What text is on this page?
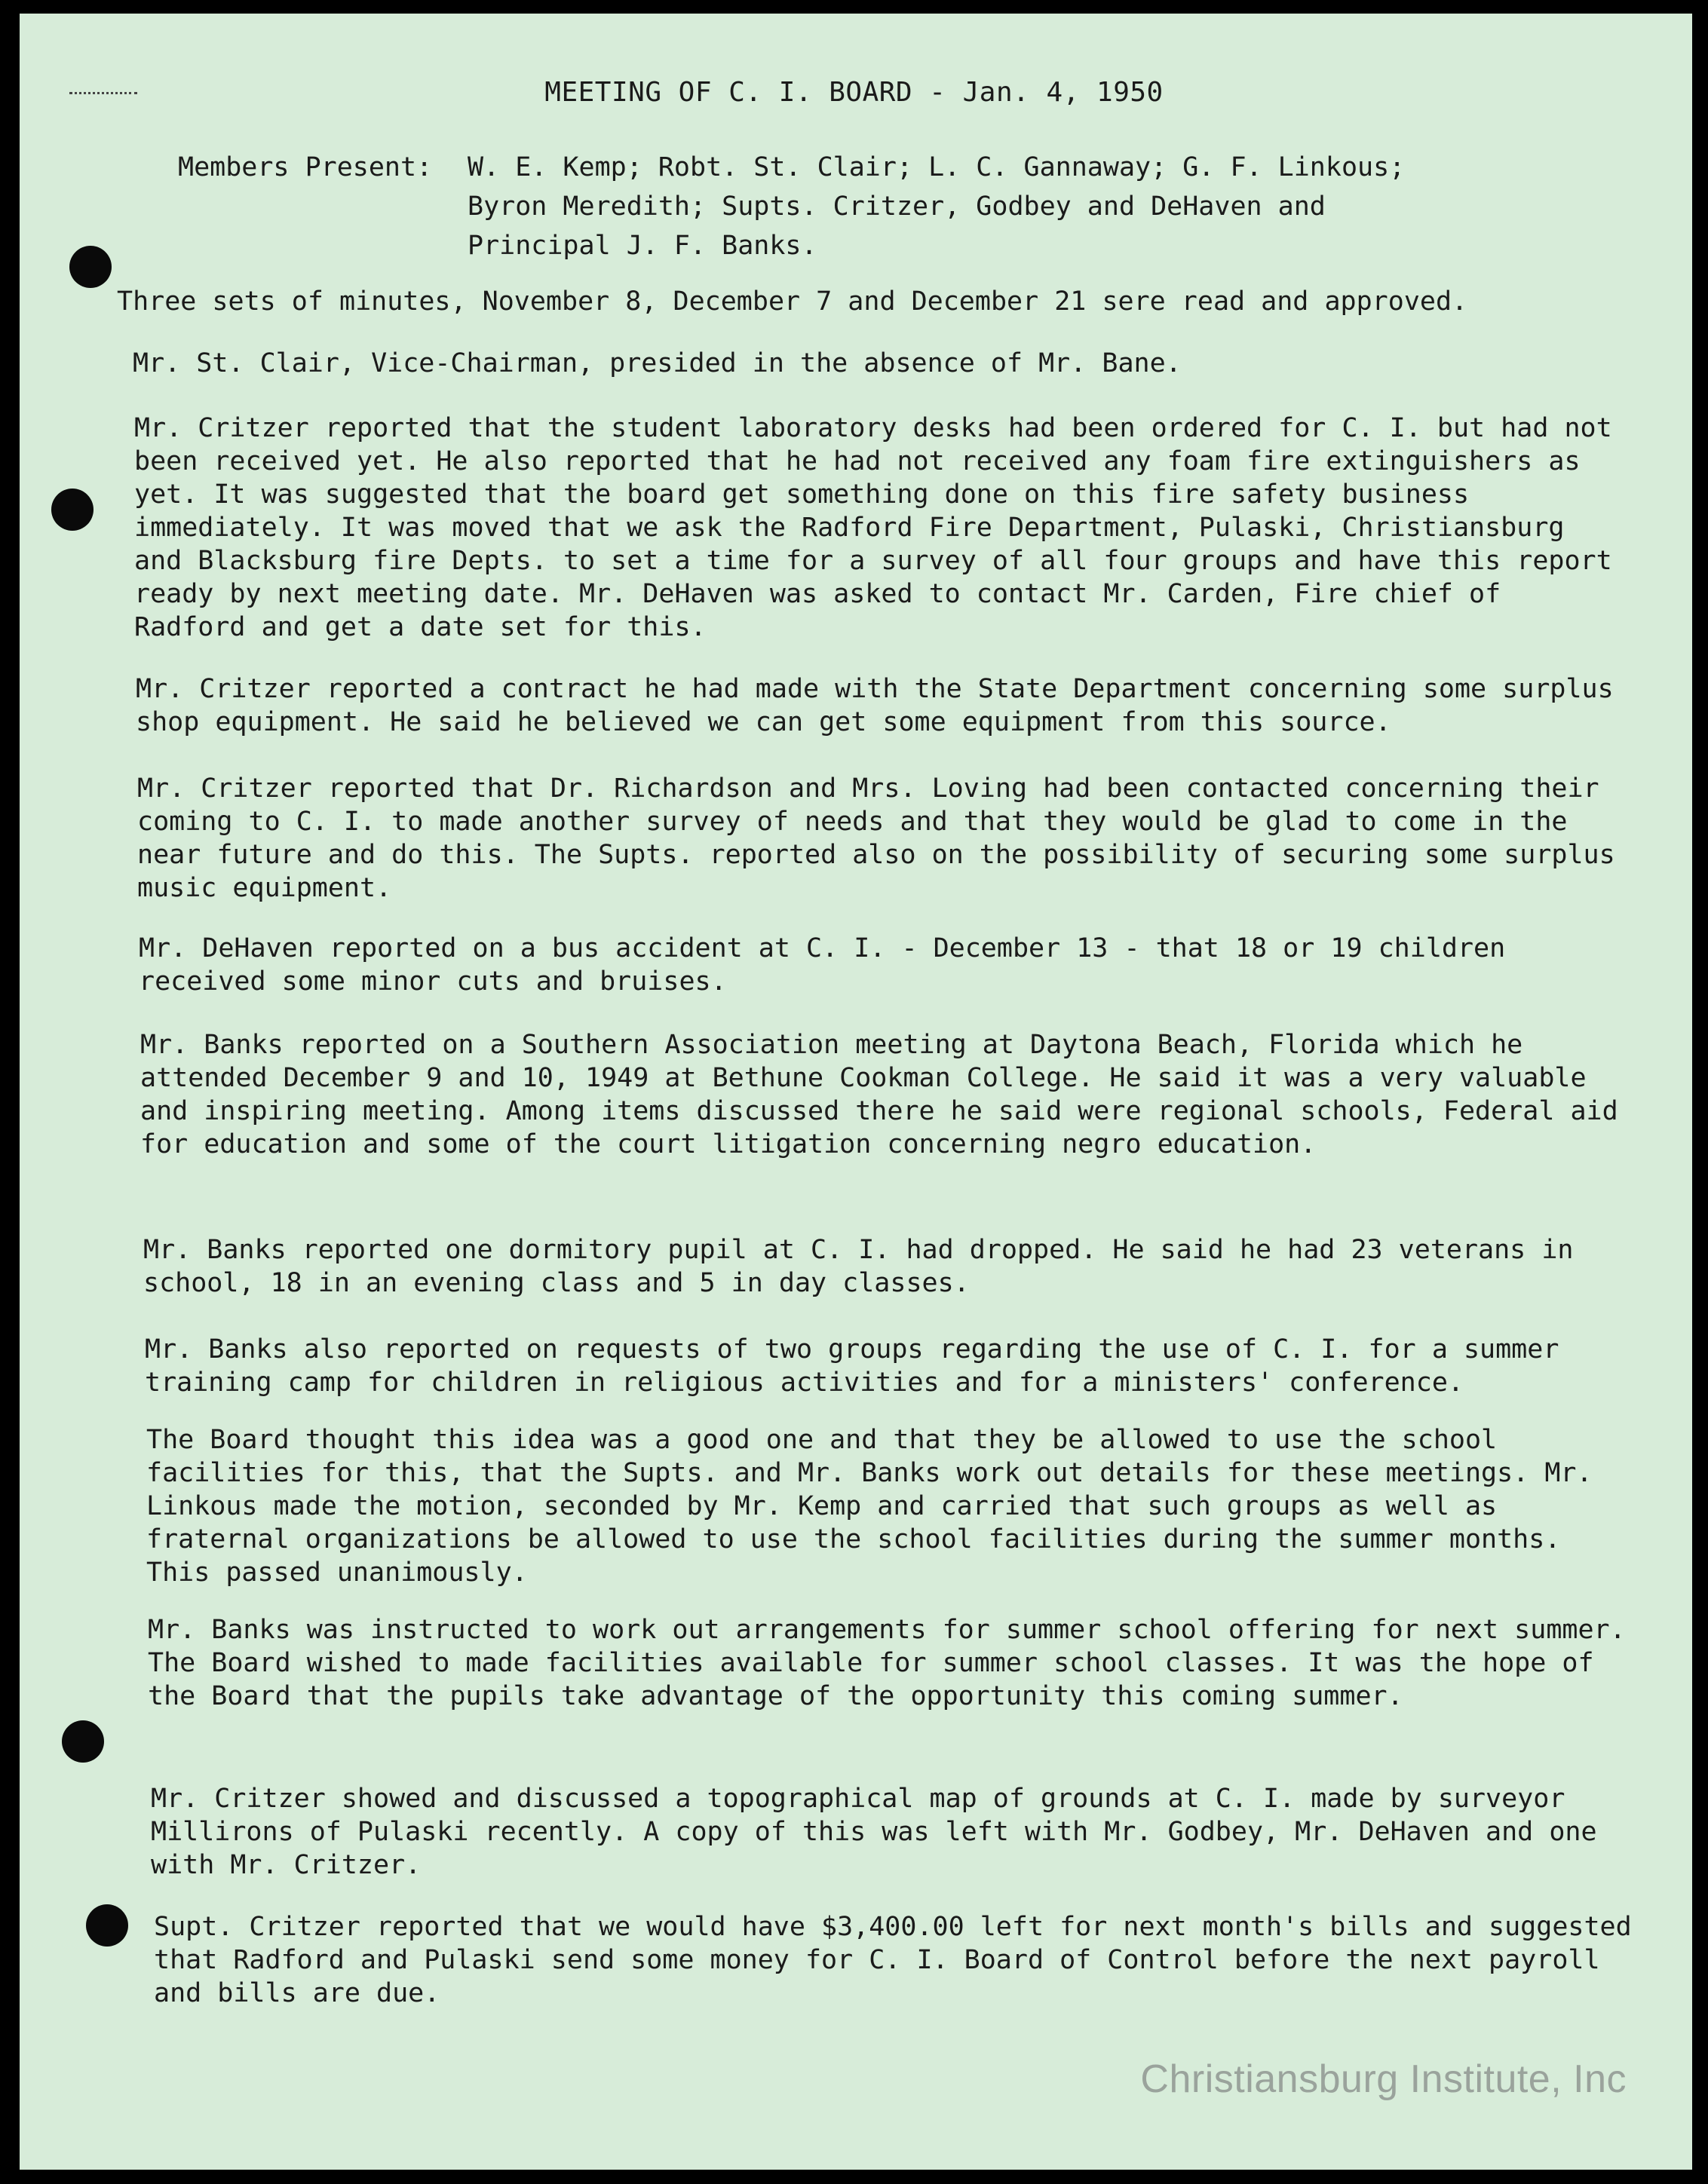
MEETING OF C. I. BOARD - Jan. 4, 1950
Members Present: W. E. Kemp; Robt. St. Clair; L. C. Gannaway; G. F. Linkous;
Byron Meredith; Supts. Critzer, Godbey and DeHaven and
Principal J. F. Banks.

Three sets of minutes, November 8, December 7 and December 21 sere read and approved.

Mr. St. Clair, Vice-Chairman, presided in the absence of Mr. Bane.

Mr. Critzer reported that the student laboratory desks had been ordered for C. I. but had not been received yet. He also reported that he had not received any foam fire extinguishers as yet. It was suggested that the board get something done on this fire safety business immediately. It was moved that we ask the Radford Fire Department, Pulaski, Christiansburg and Blacksburg fire Depts. to set a time for a survey of all four groups and have this report ready by next meeting date. Mr. DeHaven was asked to contact Mr. Carden, Fire chief of Radford and get a date set for this.

Mr. Critzer reported a contract he had made with the State Department concerning some surplus shop equipment. He said he believed we can get some equipment from this source.

Mr. Critzer reported that Dr. Richardson and Mrs. Loving had been contacted concerning their coming to C. I. to made another survey of needs and that they would be glad to come in the near future and do this. The Supts. reported also on the possibility of securing some surplus music equipment.

Mr. DeHaven reported on a bus accident at C. I. - December 13 - that 18 or 19 children received some minor cuts and bruises.

Mr. Banks reported on a Southern Association meeting at Daytona Beach, Florida which he attended December 9 and 10, 1949 at Bethune Cookman College. He said it was a very valuable and inspiring meeting. Among items discussed there he said were regional schools, Federal aid for education and some of the court litigation concerning negro education.

Mr. Banks reported one dormitory pupil at C. I. had dropped. He said he had 23 veterans in school, 18 in an evening class and 5 in day classes.

Mr. Banks also reported on requests of two groups regarding the use of C. I. for a summer training camp for children in religious activities and for a ministers' conference.

The Board thought this idea was a good one and that they be allowed to use the school facilities for this, that the Supts. and Mr. Banks work out details for these meetings. Mr. Linkous made the motion, seconded by Mr. Kemp and carried that such groups as well as fraternal organizations be allowed to use the school facilities during the summer months. This passed unanimously.

Mr. Banks was instructed to work out arrangements for summer school offering for next summer. The Board wished to made facilities available for summer school classes. It was the hope of the Board that the pupils take advantage of the opportunity this coming summer.

Mr. Critzer showed and discussed a topographical map of grounds at C. I. made by surveyor Millirons of Pulaski recently. A copy of this was left with Mr. Godbey, Mr. DeHaven and one with Mr. Critzer.

Supt. Critzer reported that we would have $3,400.00 left for next month's bills and suggested that Radford and Pulaski send some money for C. I. Board of Control before the next payroll and bills are due.

Christiansburg Institute, Inc
